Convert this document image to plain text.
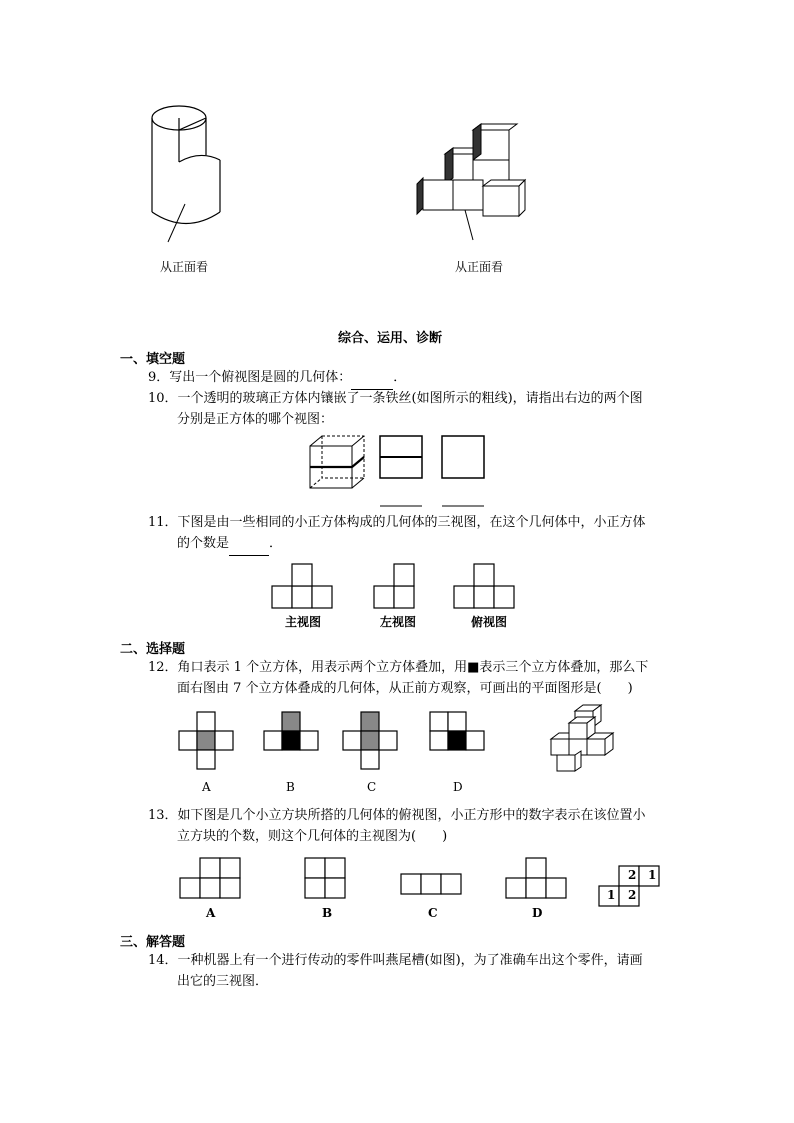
从正面看	从正面看
综合、运用、诊断
一、填空题
9．写出一个俯视图是圆的几何体：	．
10．一个透明的玻璃正方体内镶嵌了一条铁丝(如图所示的粗线)，请指出右边的两个图
分别是正方体的哪个视图：
11．下图是由一些相同的小正方体构成的几何体的三视图，在这个几何体中，小正方体
的个数是	．
主视图	左视图	俯视图
二、选择题
12．角口表示 1 个立方体，用表示两个立方体叠加，用■表示三个立方体叠加，那么下
面右图由 7 个立方体叠成的几何体，从正前方观察，可画出的平面图形是(　　)
A	B	C	D
13．如下图是几个小立方块所搭的几何体的俯视图，小正方形中的数字表示在该位置小
立方块的个数，则这个几何体的主视图为(　　)
2 1
1 2
A	B	C	D
三、解答题
14．一种机器上有一个进行传动的零件叫燕尾槽(如图)，为了准确车出这个零件，请画
出它的三视图．
